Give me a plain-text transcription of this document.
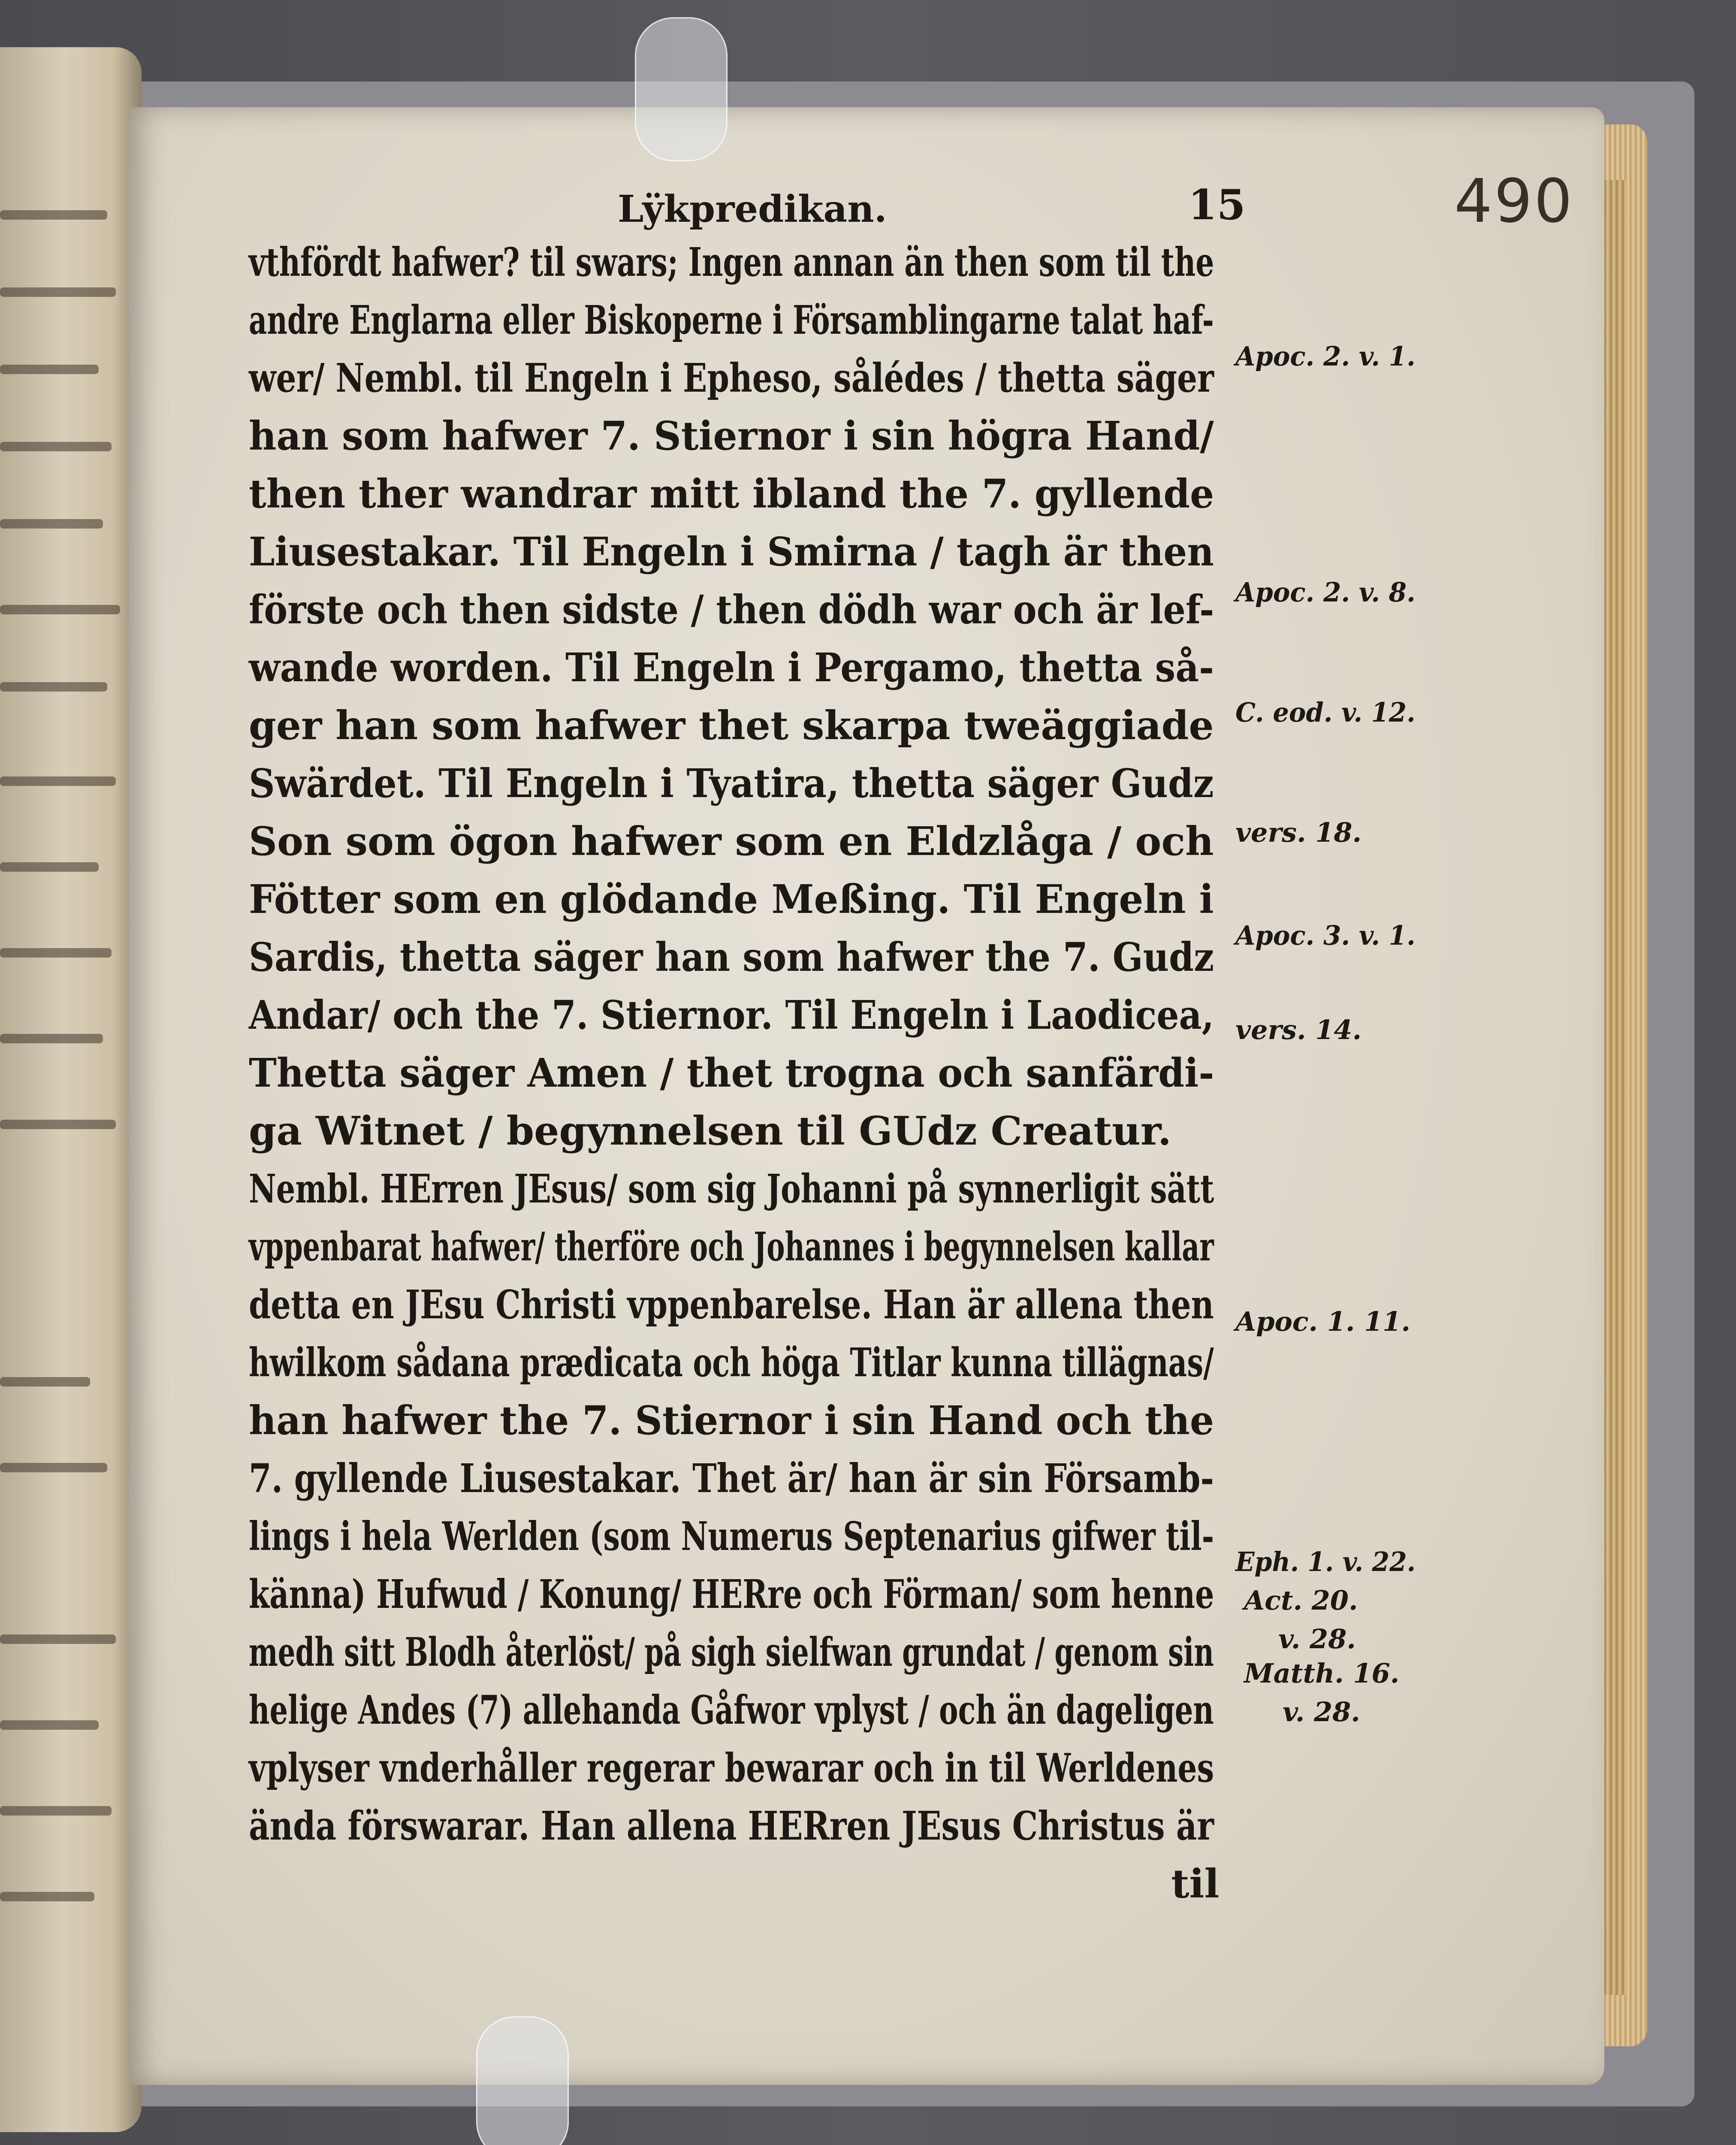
Lÿkpredikan.	15	490
vthfördt hafwer? til swars; Ingen annan än then som til the
andre Englarna eller Biskoperne i Församblingarne talat haf-
wer/ Nembl. til Engeln i Epheso, sålédes / thetta säger
han som hafwer 7. Stiernor i sin högra Hand/
then ther wandrar mitt ibland the 7. gyllende
Liusestakar. Til Engeln i Smirna / tagh är then
förste och then sidste / then dödh war och är lef-
wande worden. Til Engeln i Pergamo, thetta så-
ger han som hafwer thet skarpa tweäggiade
Swärdet. Til Engeln i Tyatira, thetta säger Gudz
Son som ögon hafwer som en Eldzlåga / och
Fötter som en glödande Meßing. Til Engeln i
Sardis, thetta säger han som hafwer the 7. Gudz
Andar/ och the 7. Stiernor. Til Engeln i Laodicea,
Thetta säger Amen / thet trogna och sanfärdi-
ga Witnet / begynnelsen til GUdz Creatur.
Nembl. HErren JEsus/ som sig Johanni på synnerligit sätt
vppenbarat hafwer/ therföre och Johannes i begynnelsen kallar
detta en JEsu Christi vppenbarelse. Han är allena then
hwilkom sådana prædicata och höga Titlar kunna tillägnas/
han hafwer the 7. Stiernor i sin Hand och the
7. gyllende Liusestakar. Thet är/ han är sin Församb-
lings i hela Werlden (som Numerus Septenarius gifwer til-
känna) Hufwud / Konung/ HERre och Förman/ som henne
medh sitt Blodh återlöst/ på sigh sielfwan grundat / genom sin
helige Andes (7) allehanda Gåfwor vplyst / och än dageligen
vplyser vnderhåller regerar bewarar och in til Werldenes
ända förswarar. Han allena HERren JEsus Christus är
til
Apoc. 2. v. 1.
Apoc. 2. v. 8.
C. eod. v. 12.
vers. 18.
Apoc. 3. v. 1.
vers. 14.
Apoc. 1. 11.
Eph. 1. v. 22.
Act. 20.
v. 28.
Matth. 16.
v. 28.
